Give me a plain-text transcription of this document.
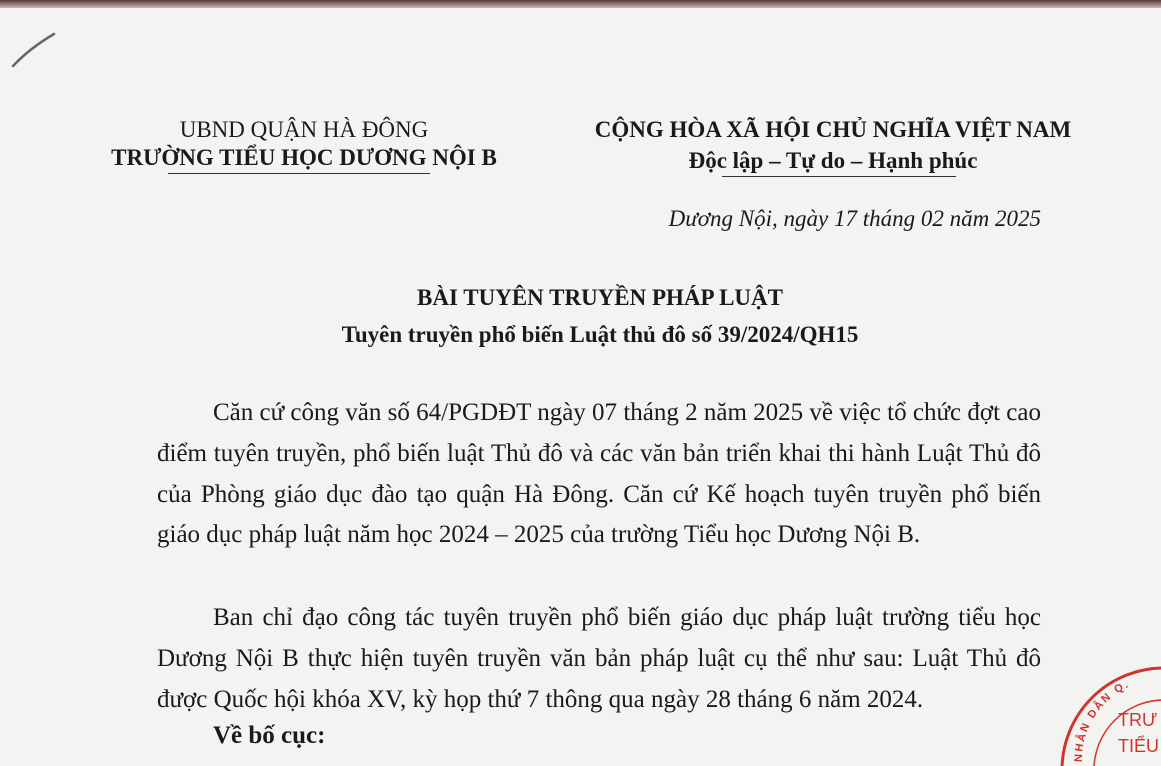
UBND QUẬN HÀ ĐÔNG
TRƯỜNG TIỂU HỌC DƯƠNG NỘI B
CỘNG HÒA XÃ HỘI CHỦ NGHĨA VIỆT NAM
Độc lập – Tự do – Hạnh phúc
Dương Nội, ngày 17 tháng 02 năm 2025
BÀI TUYÊN TRUYỀN PHÁP LUẬT
Tuyên truyền phổ biến Luật thủ đô số 39/2024/QH15
Căn cứ công văn số 64/PGDĐT ngày 07 tháng 2 năm 2025 về việc tổ chức đợt cao điểm tuyên truyền, phổ biến luật Thủ đô và các văn bản triển khai thi hành Luật Thủ đô của Phòng giáo dục đào tạo quận Hà Đông. Căn cứ Kế hoạch tuyên truyền phổ biến giáo dục pháp luật năm học 2024 – 2025 của trường Tiểu học Dương Nội B.
Ban chỉ đạo công tác tuyên truyền phổ biến giáo dục pháp luật trường tiểu học Dương Nội B thực hiện tuyên truyền văn bản pháp luật cụ thể như sau: Luật Thủ đô được Quốc hội khóa XV, kỳ họp thứ 7 thông qua ngày 28 tháng 6 năm 2024.
Về bố cục:
NHÂN DÂN Q.
TRƯ
TIỂU
